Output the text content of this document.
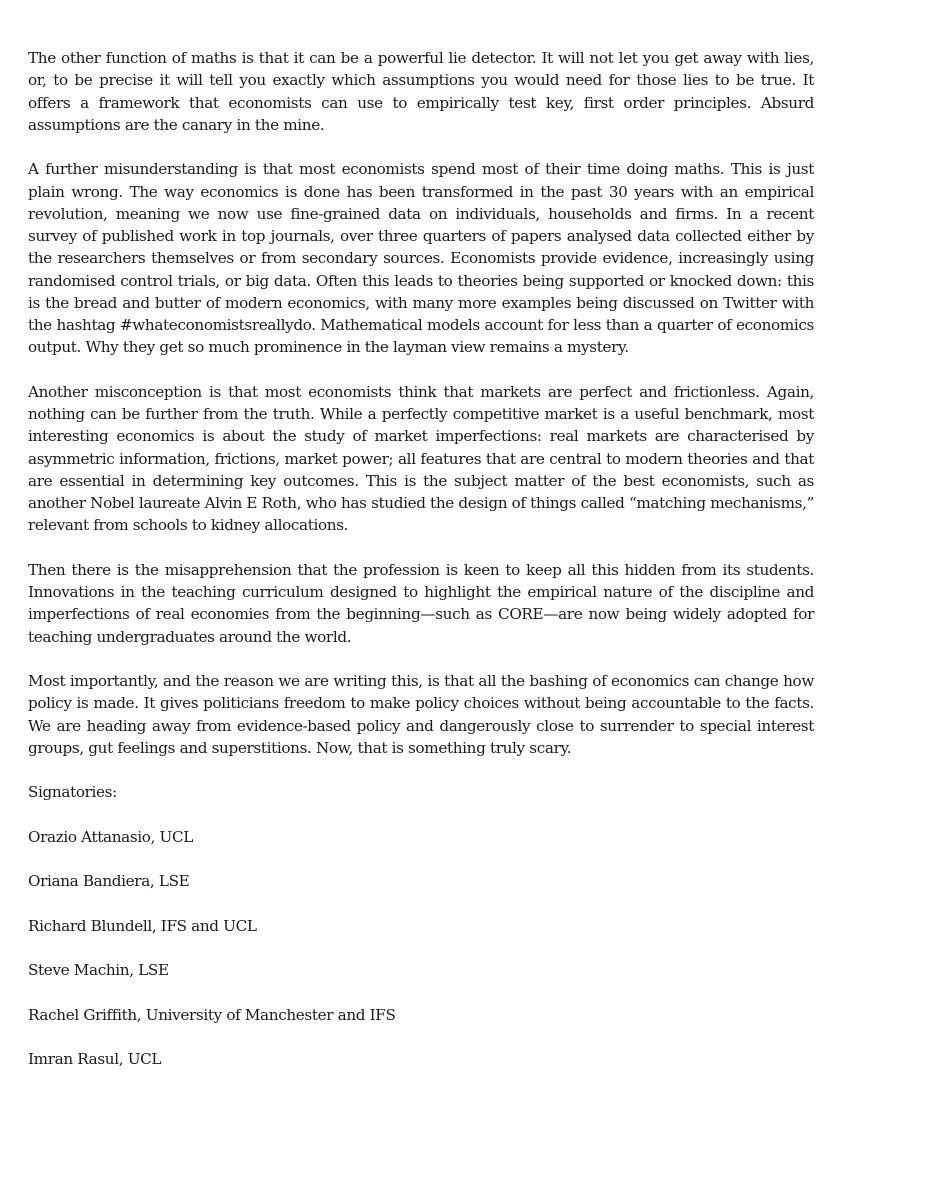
The other function of maths is that it can be a powerful lie detector. It will not let you get away with lies, or, to be precise it will tell you exactly which assumptions you would need for those lies to be true. It offers a framework that economists can use to empirically test key, first order principles. Absurd assumptions are the canary in the mine.

A further misunderstanding is that most economists spend most of their time doing maths. This is just plain wrong. The way economics is done has been transformed in the past 30 years with an empirical revolution, meaning we now use fine-grained data on individuals, households and firms. In a recent survey of published work in top journals, over three quarters of papers analysed data collected either by the researchers themselves or from secondary sources. Economists provide evidence, increasingly using randomised control trials, or big data. Often this leads to theories being supported or knocked down: this is the bread and butter of modern economics, with many more examples being discussed on Twitter with the hashtag #whateconomistsreallydo. Mathematical models account for less than a quarter of economics output. Why they get so much prominence in the layman view remains a mystery.

Another misconception is that most economists think that markets are perfect and frictionless. Again, nothing can be further from the truth. While a perfectly competitive market is a useful benchmark, most interesting economics is about the study of market imperfections: real markets are characterised by asymmetric information, frictions, market power; all features that are central to modern theories and that are essential in determining key outcomes. This is the subject matter of the best economists, such as another Nobel laureate Alvin E Roth, who has studied the design of things called “matching mechanisms,” relevant from schools to kidney allocations.

Then there is the misapprehension that the profession is keen to keep all this hidden from its students. Innovations in the teaching curriculum designed to highlight the empirical nature of the discipline and imperfections of real economies from the beginning—such as CORE—are now being widely adopted for teaching undergraduates around the world.

Most importantly, and the reason we are writing this, is that all the bashing of economics can change how policy is made. It gives politicians freedom to make policy choices without being accountable to the facts. We are heading away from evidence-based policy and dangerously close to surrender to special interest groups, gut feelings and superstitions. Now, that is something truly scary.

Signatories:
Orazio Attanasio, UCL
Oriana Bandiera, LSE
Richard Blundell, IFS and UCL
Steve Machin, LSE
Rachel Griffith, University of Manchester and IFS
Imran Rasul, UCL
